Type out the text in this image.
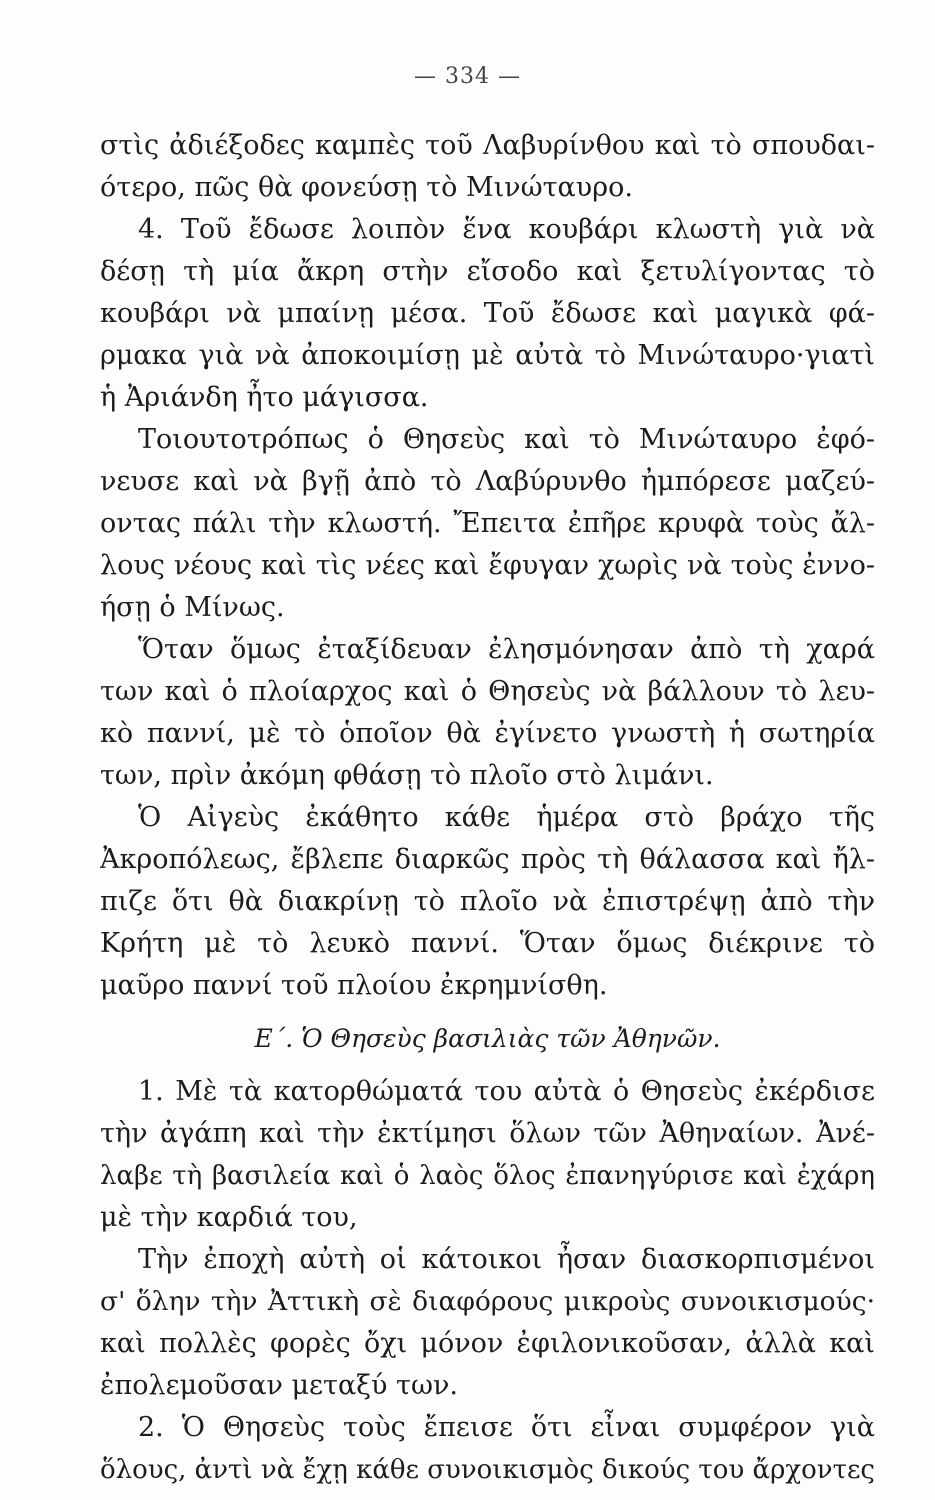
— 334 —
στὶς ἀδιέξοδες καμπὲς τοῦ Λαβυρίνθου καὶ τὸ σπουδαι-
ότερο, πῶς θὰ φονεύσῃ τὸ Μινώταυρο.
4. Τοῦ ἔδωσε λοιπὸν ἕνα κουβάρι κλωστὴ γιὰ νὰ
δέσῃ τὴ μία ἄκρη στὴν εἴσοδο καὶ ξετυλίγοντας τὸ
κουβάρι νὰ μπαίνῃ μέσα. Τοῦ ἔδωσε καὶ μαγικὰ φά-
ρμακα γιὰ νὰ ἀποκοιμίσῃ μὲ αὐτὰ τὸ Μινώταυρο·γιατὶ
ἡ Ἀριάνδη ἦτο μάγισσα.
Τοιουτοτρόπως ὁ Θησεὺς καὶ τὸ Μινώταυρο ἐφό-
νευσε καὶ νὰ βγῇ ἀπὸ τὸ Λαβύρυνθο ἠμπόρεσε μαζεύ-
οντας πάλι τὴν κλωστή. Ἔπειτα ἐπῆρε κρυφὰ τοὺς ἄλ-
λους νέους καὶ τὶς νέες καὶ ἔφυγαν χωρὶς νὰ τοὺς ἐννο-
ήσῃ ὁ Μίνως.
Ὅταν ὅμως ἐταξίδευαν ἐλησμόνησαν ἀπὸ τὴ χαρά
των καὶ ὁ πλοίαρχος καὶ ὁ Θησεὺς νὰ βάλλουν τὸ λευ-
κὸ παννί, μὲ τὸ ὁποῖον θὰ ἐγίνετο γνωστὴ ἡ σωτηρία
των, πρὶν ἀκόμη φθάσῃ τὸ πλοῖο στὸ λιμάνι.
Ὁ Αἰγεὺς ἐκάθητο κάθε ἡμέρα στὸ βράχο τῆς
Ἀκροπόλεως, ἔβλεπε διαρκῶς πρὸς τὴ θάλασσα καὶ ἤλ-
πιζε ὅτι θὰ διακρίνῃ τὸ πλοῖο νὰ ἐπιστρέψῃ ἀπὸ τὴν
Κρήτη μὲ τὸ λευκὸ παννί. Ὅταν ὅμως διέκρινε τὸ
μαῦρο παννί τοῦ πλοίου ἐκρημνίσθη.
Ε΄. Ὁ Θησεὺς βασιλιὰς τῶν Ἀθηνῶν.
1. Μὲ τὰ κατορθώματά του αὐτὰ ὁ Θησεὺς ἐκέρδισε
τὴν ἀγάπη καὶ τὴν ἐκτίμησι ὅλων τῶν Ἀθηναίων. Ἀνέ-
λαβε τὴ βασιλεία καὶ ὁ λαὸς ὅλος ἐπανηγύρισε καὶ ἐχάρη
μὲ τὴν καρδιά του,
Τὴν ἐποχὴ αὐτὴ οἱ κάτοικοι ἦσαν διασκορπισμένοι
σ' ὅλην τὴν Ἀττικὴ σὲ διαφόρους μικροὺς συνοικισμούς·
καὶ πολλὲς φορὲς ὄχι μόνον ἐφιλονικοῦσαν, ἀλλὰ καὶ
ἐπολεμοῦσαν μεταξύ των.
2. Ὁ Θησεὺς τοὺς ἔπεισε ὅτι εἶναι συμφέρον γιὰ
ὅλους, ἀντὶ νὰ ἔχῃ κάθε συνοικισμὸς δικούς του ἄρχοντες
